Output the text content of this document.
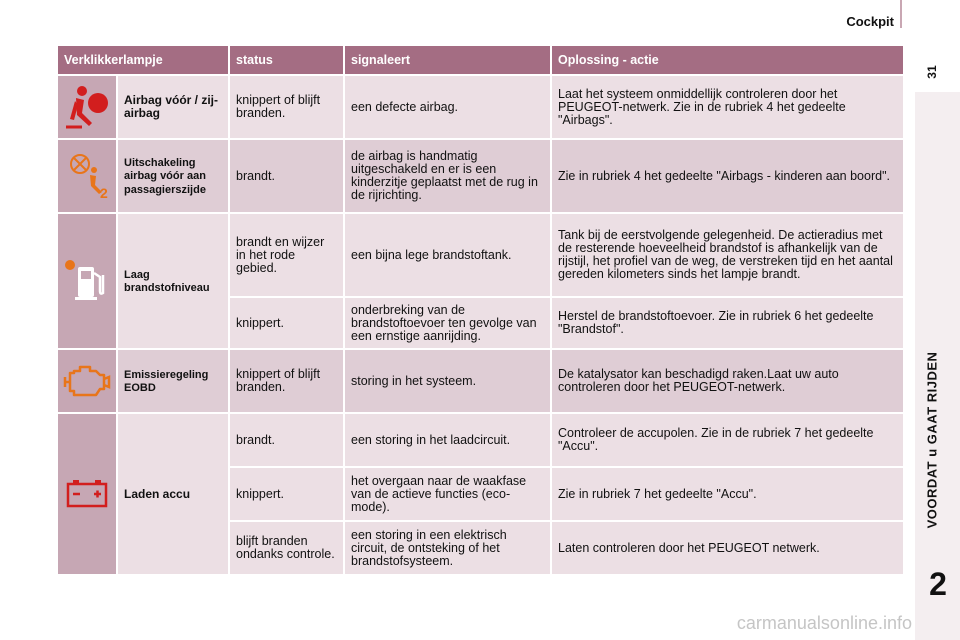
Cockpit
31
VOORDAT u GAAT RIJDEN
2
Verklikkerlampje		status	signaleert	Oplossing - actie

	Airbag vóór / zij-airbag	knippert of blijft branden.	een defecte airbag.	Laat het systeem onmiddellijk controleren door het PEUGEOT-netwerk. Zie in de rubriek 4 het gedeelte "Airbags".

2	Uitschakeling airbag vóór aan passagierszijde	brandt.	de airbag is handmatig uitgeschakeld en er is een kinderzitje geplaatst met de rug in de rijrichting.	Zie in rubriek 4 het gedeelte "Airbags - kinderen aan boord".

	Laag brandstofniveau	brandt en wijzer in het rode gebied.	een bijna lege brandstoftank.	Tank bij de eerstvolgende gelegenheid. De actieradius met de resterende hoeveelheid brandstof is afhankelijk van de rijstijl, het profiel van de weg, de verstreken tijd en het aantal gereden kilometers sinds het lampje brandt.
		knippert.	onderbreking van de brandstoftoevoer ten gevolge van een ernstige aanrijding.	Herstel de brandstoftoevoer. Zie in rubriek 6 het gedeelte "Brandstof".

	Emissieregeling EOBD	knippert of blijft branden.	storing in het systeem.	De katalysator kan beschadigd raken.Laat uw auto controleren door het PEUGEOT-netwerk.

	Laden accu	brandt.	een storing in het laadcircuit.	Controleer de accupolen. Zie in de rubriek 7 het gedeelte "Accu".
		knippert.	het overgaan naar de waakfase van de actieve functies (eco-mode).	Zie in rubriek 7 het gedeelte "Accu".
		blijft branden ondanks controle.	een storing in een elektrisch circuit, de ontsteking of het brandstofsysteem.	Laten controleren door het PEUGEOT netwerk.
carmanualsonline.info
